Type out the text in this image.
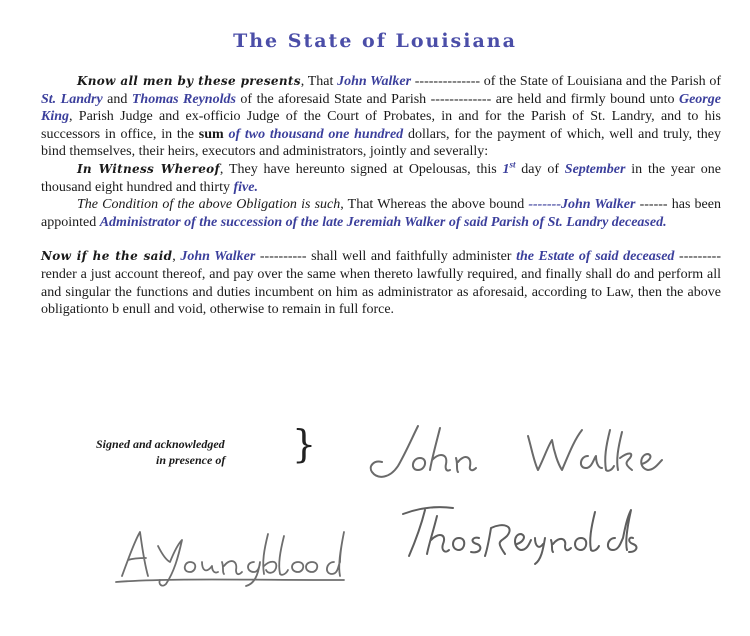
The State of Louisiana

Know all men by these presents, That John Walker -------------- of the State of Louisiana and the Parish of St. Landry and Thomas Reynolds of the aforesaid State and Parish ------------- are held and firmly bound unto George King, Parish Judge and ex-officio Judge of the Court of Probates, in and for the Parish of St. Landry, and to his successors in office, in the sum of two thousand one hundred dollars, for the payment of which, well and truly, they bind themselves, their heirs, executors and administrators, jointly and severally:

In Witness Whereof, They have hereunto signed at Opelousas, this 1st day of September in the year one thousand eight hundred and thirty five.

The Condition of the above Obligation is such, That Whereas the above bound -------John Walker ------ has been appointed Administrator of the succession of the late Jeremiah Walker of said Parish of St. Landry deceased.

Now if he the said, John Walker ---------- shall well and faithfully administer the Estate of said deceased --------- render a just account thereof, and pay over the same when thereto lawfully required, and finally shall do and perform all and singular the functions and duties incumbent on him as administrator as aforesaid, according to Law, then the above obligationto b enull and void, otherwise to remain in full force.

Signed and acknowledged
in presence of	}
